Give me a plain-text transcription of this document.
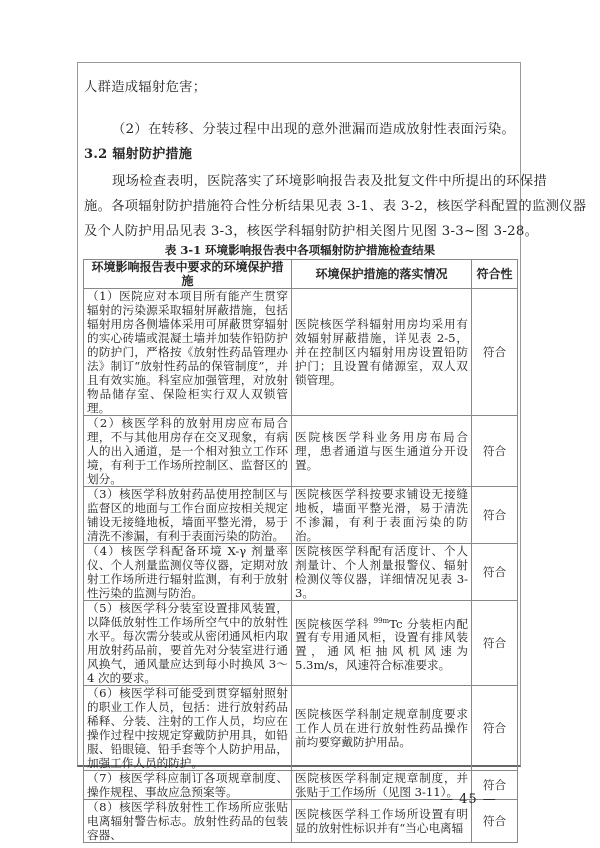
人群造成辐射危害；
（2）在转移、分装过程中出现的意外泄漏而造成放射性表面污染。
3.2 辐射防护措施
现场检查表明，医院落实了环境影响报告表及批复文件中所提出的环保措
施。各项辐射防护措施符合性分析结果见表 3-1、表 3-2，核医学科配置的监测仪器
及个人防护用品见表 3-3，核医学科辐射防护相关图片见图 3-3~图 3-28。
表 3-1 环境影响报告表中各项辐射防护措施检查结果
环境影响报告表中要求的环境保护措施	环境保护措施的落实情况	符合性
（1）医院应对本项目所有能产生贯穿辐射的污染源采取辐射屏蔽措施，包括辐射用房各侧墙体采用可屏蔽贯穿辐射的实心砖墙或混凝土墙并加装作铅防护的防护门，严格按《放射性药品管理办法》制订“放射性药品的保管制度”，并且有效实施。科室应加强管理，对放射物品储存室、保险柜实行双人双锁管理。	医院核医学科辐射用房均采用有效辐射屏蔽措施，详见表 2-5，并在控制区内辐射用房设置铅防护门；且设置有储源室，双人双锁管理。	符合
（2）核医学科的放射用房应布局合理，不与其他用房存在交叉现象，有病人的出入通道，是一个相对独立工作环境，有利于工作场所控制区、监督区的划分。	医院核医学科业务用房布局合理，患者通道与医生通道分开设置。	符合
（3）核医学科放射药品使用控制区与监督区的地面与工作台面应按相关规定铺设无接缝地板，墙面平整光滑，易于清洗不渗漏，有利于表面污染的防治。	医院核医学科按要求铺设无接缝地板，墙面平整光滑，易于清洗不渗漏，有利于表面污染的防治。	符合
（4）核医学科配备环境 X-γ 剂量率仪、个人剂量监测仪等仪器，定期对放射工作场所进行辐射监测，有利于放射性污染的监测与防治。	医院核医学科配有活度计、个人剂量计、个人剂量报警仪、辐射检测仪等仪器，详细情况见表 3-3。	符合
（5）核医学科分装室设置排风装置，以降低放射性工作场所空气中的放射性水平。每次需分装或从密闭通风柜内取用放射药品前，要首先对分装室进行通风换气，通风量应达到每小时换风 3～4 次的要求。	医院核医学科 $^{99m}$Tc 分装柜内配置有专用通风柜，设置有排风装置，通风柜抽风机风速为 5.3m/s，风速符合标准要求。	符合
（6）核医学科可能受到贯穿辐射照射的职业工作人员，包括：进行放射药品稀释、分装、注射的工作人员，均应在操作过程中按规定穿戴防护用具，如铅服、铅眼镜、铅手套等个人防护用品，加强工作人员的防护。	医院核医学科制定规章制度要求工作人员在进行放射性药品操作前均要穿戴防护用品。	符合
（7）核医学科应制订各项规章制度、操作规程、事故应急预案等。	医院核医学科制定规章制度，并张贴于工作场所（见图 3-11）。	符合
（8）核医学科放射性工作场所应张贴电离辐射警告标志。放射性药品的包装容器、	医院核医学科工作场所设置有明显的放射性标识并有“当心电离辐	符合
— 45 —
